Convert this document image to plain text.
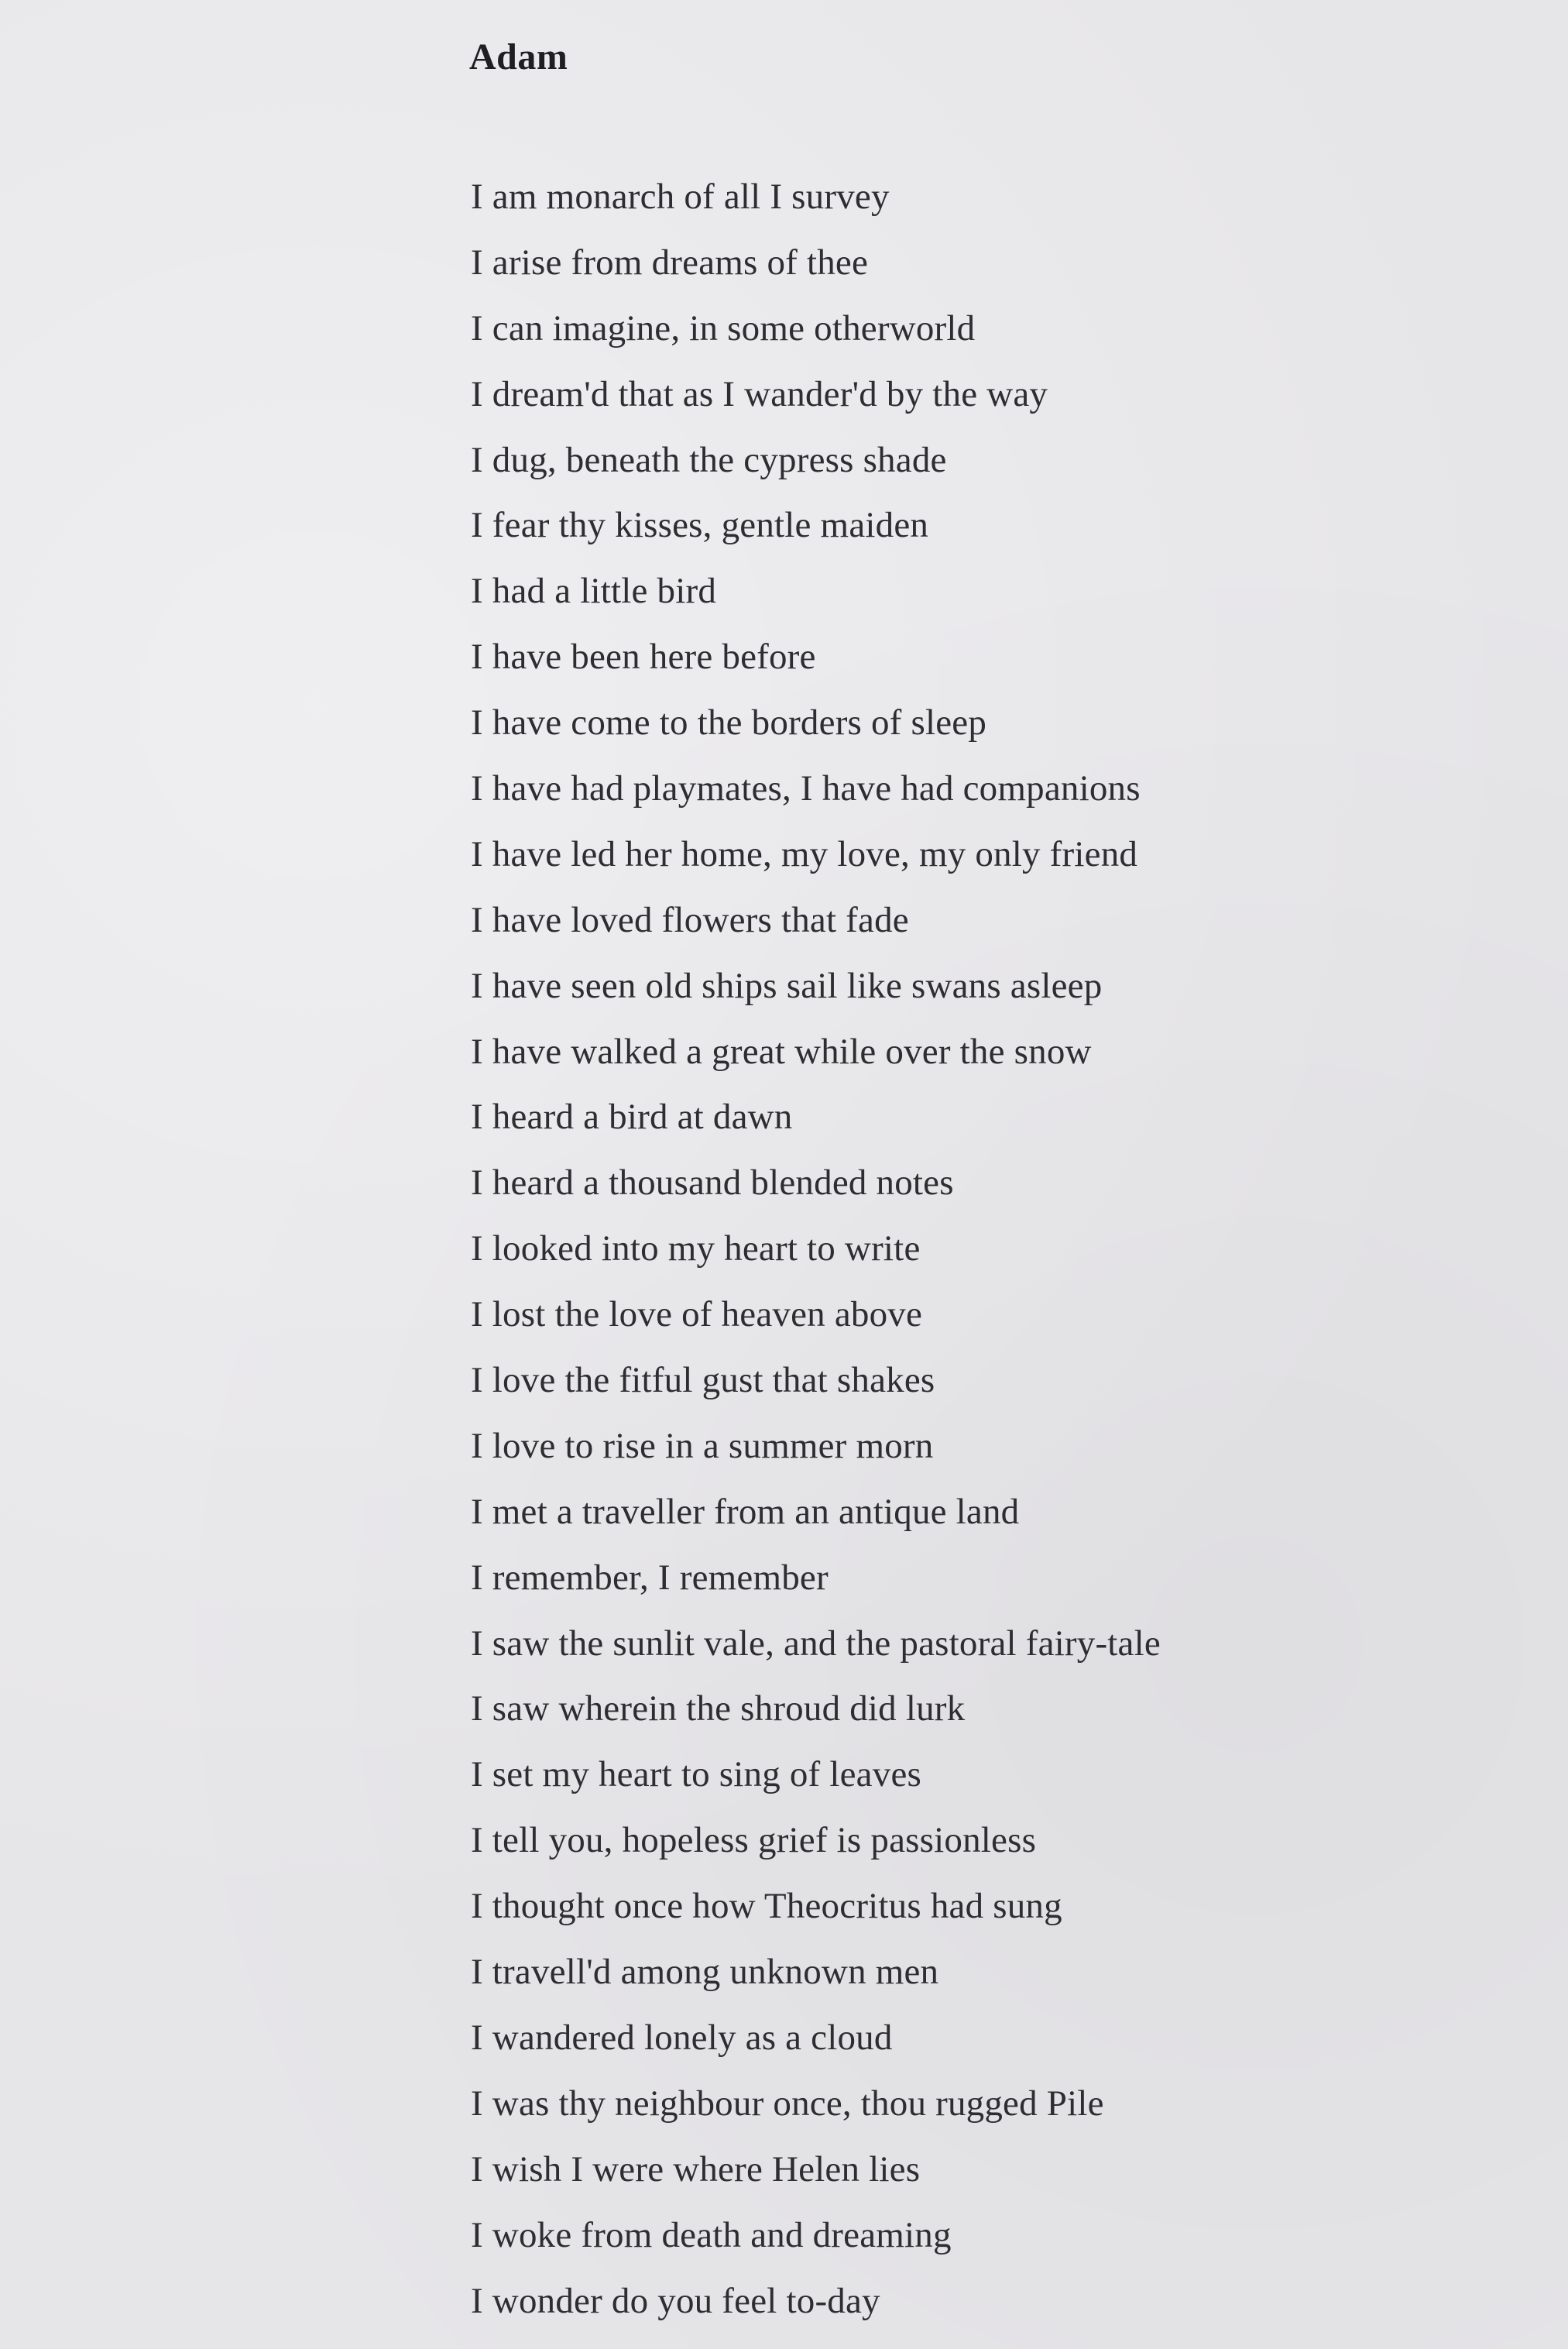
Adam
I am monarch of all I survey
I arise from dreams of thee
I can imagine, in some otherworld
I dream'd that as I wander'd by the way
I dug, beneath the cypress shade
I fear thy kisses, gentle maiden
I had a little bird
I have been here before
I have come to the borders of sleep
I have had playmates, I have had companions
I have led her home, my love, my only friend
I have loved flowers that fade
I have seen old ships sail like swans asleep
I have walked a great while over the snow
I heard a bird at dawn
I heard a thousand blended notes
I looked into my heart to write
I lost the love of heaven above
I love the fitful gust that shakes
I love to rise in a summer morn
I met a traveller from an antique land
I remember, I remember
I saw the sunlit vale, and the pastoral fairy-tale
I saw wherein the shroud did lurk
I set my heart to sing of leaves
I tell you, hopeless grief is passionless
I thought once how Theocritus had sung
I travell'd among unknown men
I wandered lonely as a cloud
I was thy neighbour once, thou rugged Pile
I wish I were where Helen lies
I woke from death and dreaming
I wonder do you feel to-day
